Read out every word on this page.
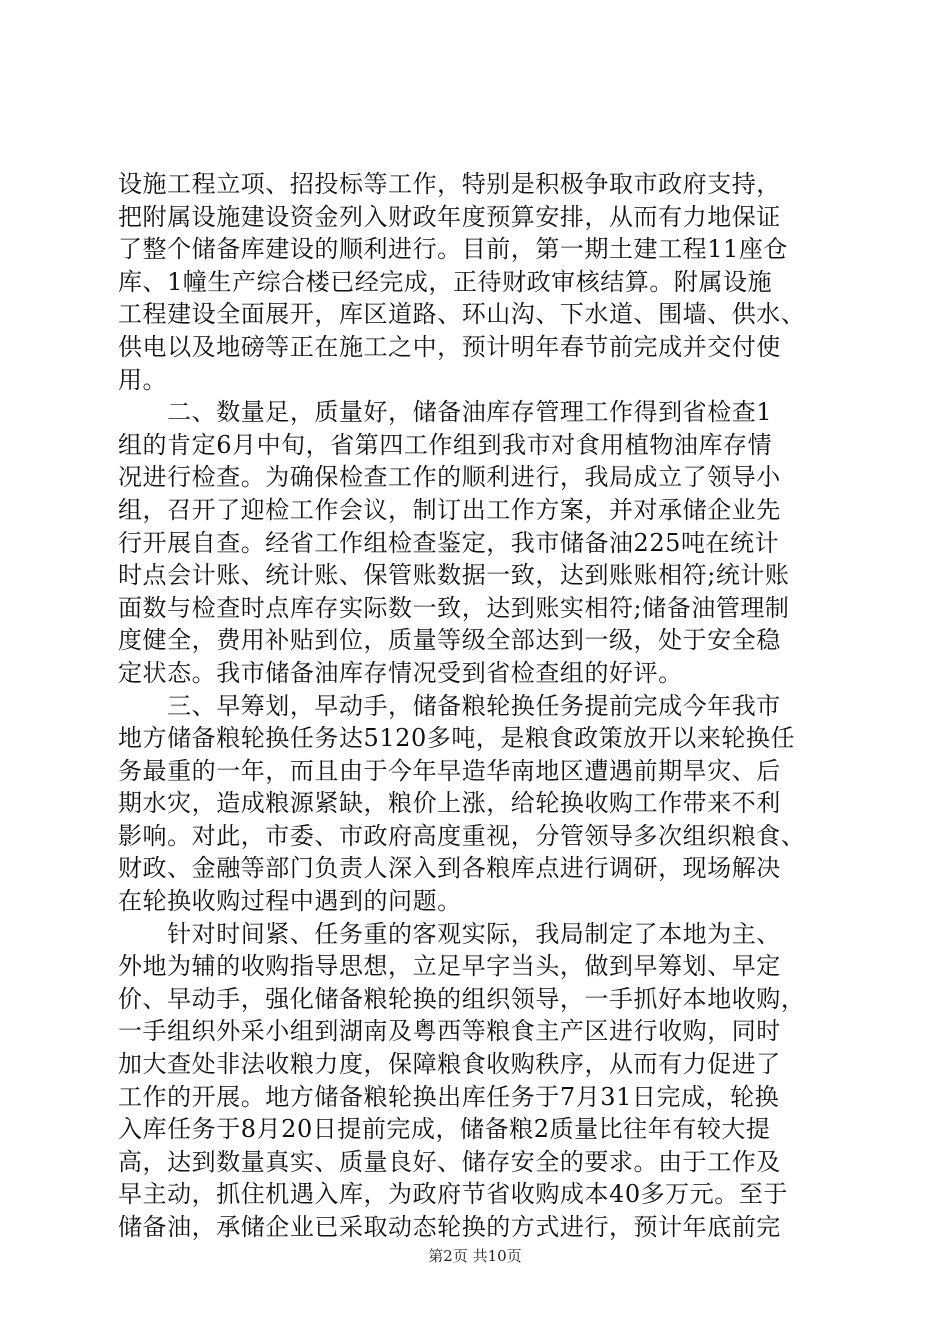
设施工程立项、招投标等工作，特别是积极争取市政府支持，
把附属设施建设资金列入财政年度预算安排，从而有力地保证
了整个储备库建设的顺利进行。目前，第一期土建工程11座仓
库、1幢生产综合楼已经完成，正待财政审核结算。附属设施
工程建设全面展开，库区道路、环山沟、下水道、围墙、供水、
供电以及地磅等正在施工之中，预计明年春节前完成并交付使
用。
　　二、数量足，质量好，储备油库存管理工作得到省检查1
组的肯定6月中旬，省第四工作组到我市对食用植物油库存情
况进行检查。为确保检查工作的顺利进行，我局成立了领导小
组，召开了迎检工作会议，制订出工作方案，并对承储企业先
行开展自查。经省工作组检查鉴定，我市储备油225吨在统计
时点会计账、统计账、保管账数据一致，达到账账相符;统计账
面数与检查时点库存实际数一致，达到账实相符;储备油管理制
度健全，费用补贴到位，质量等级全部达到一级，处于安全稳
定状态。我市储备油库存情况受到省检查组的好评。
　　三、早筹划，早动手，储备粮轮换任务提前完成今年我市
地方储备粮轮换任务达5120多吨，是粮食政策放开以来轮换任
务最重的一年，而且由于今年早造华南地区遭遇前期旱灾、后
期水灾，造成粮源紧缺，粮价上涨，给轮换收购工作带来不利
影响。对此，市委、市政府高度重视，分管领导多次组织粮食、
财政、金融等部门负责人深入到各粮库点进行调研，现场解决
在轮换收购过程中遇到的问题。
　　针对时间紧、任务重的客观实际，我局制定了本地为主、
外地为辅的收购指导思想，立足早字当头，做到早筹划、早定
价、早动手，强化储备粮轮换的组织领导，一手抓好本地收购，
一手组织外采小组到湖南及粤西等粮食主产区进行收购，同时
加大查处非法收粮力度，保障粮食收购秩序，从而有力促进了
工作的开展。地方储备粮轮换出库任务于7月31日完成，轮换
入库任务于8月20日提前完成，储备粮2质量比往年有较大提
高，达到数量真实、质量良好、储存安全的要求。由于工作及
早主动，抓住机遇入库，为政府节省收购成本40多万元。至于
储备油，承储企业已采取动态轮换的方式进行，预计年底前完
第2页 共10页
